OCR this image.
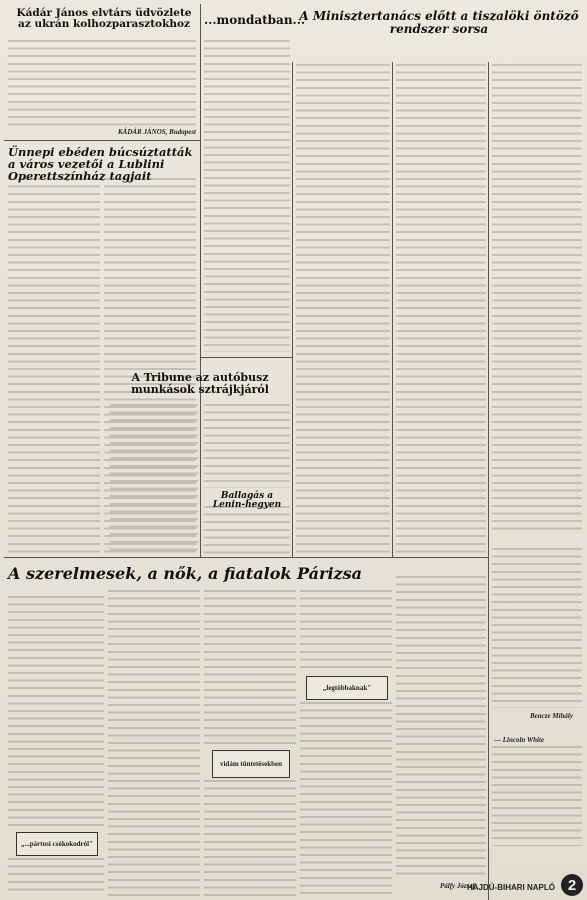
Kádár János elvtárs üdvözlete az ukrán kolhozparasztokhoz
KÁDÁR JÁNOS, Budapest
Ünnepi ebéden búcsúztatták a város vezetői a Lublini Operettszínház tagjait
...mondatban...
A Minisztertanács előtt a tiszalöki öntöző rendszer sorsa
A Tribune az autóbusz munkások sztrájkjáról
Ballagás a Lenin-hegyen
A szerelmesek, a nők, a fiatalok Párizsa
„...pártosi csókokodról"
vidám tüntetésekben
„legtöbbaknak"
Pálfy József
Bencze Mihály
— Lincoln White
HAJDÚ-BIHARI NAPLÓ 2
